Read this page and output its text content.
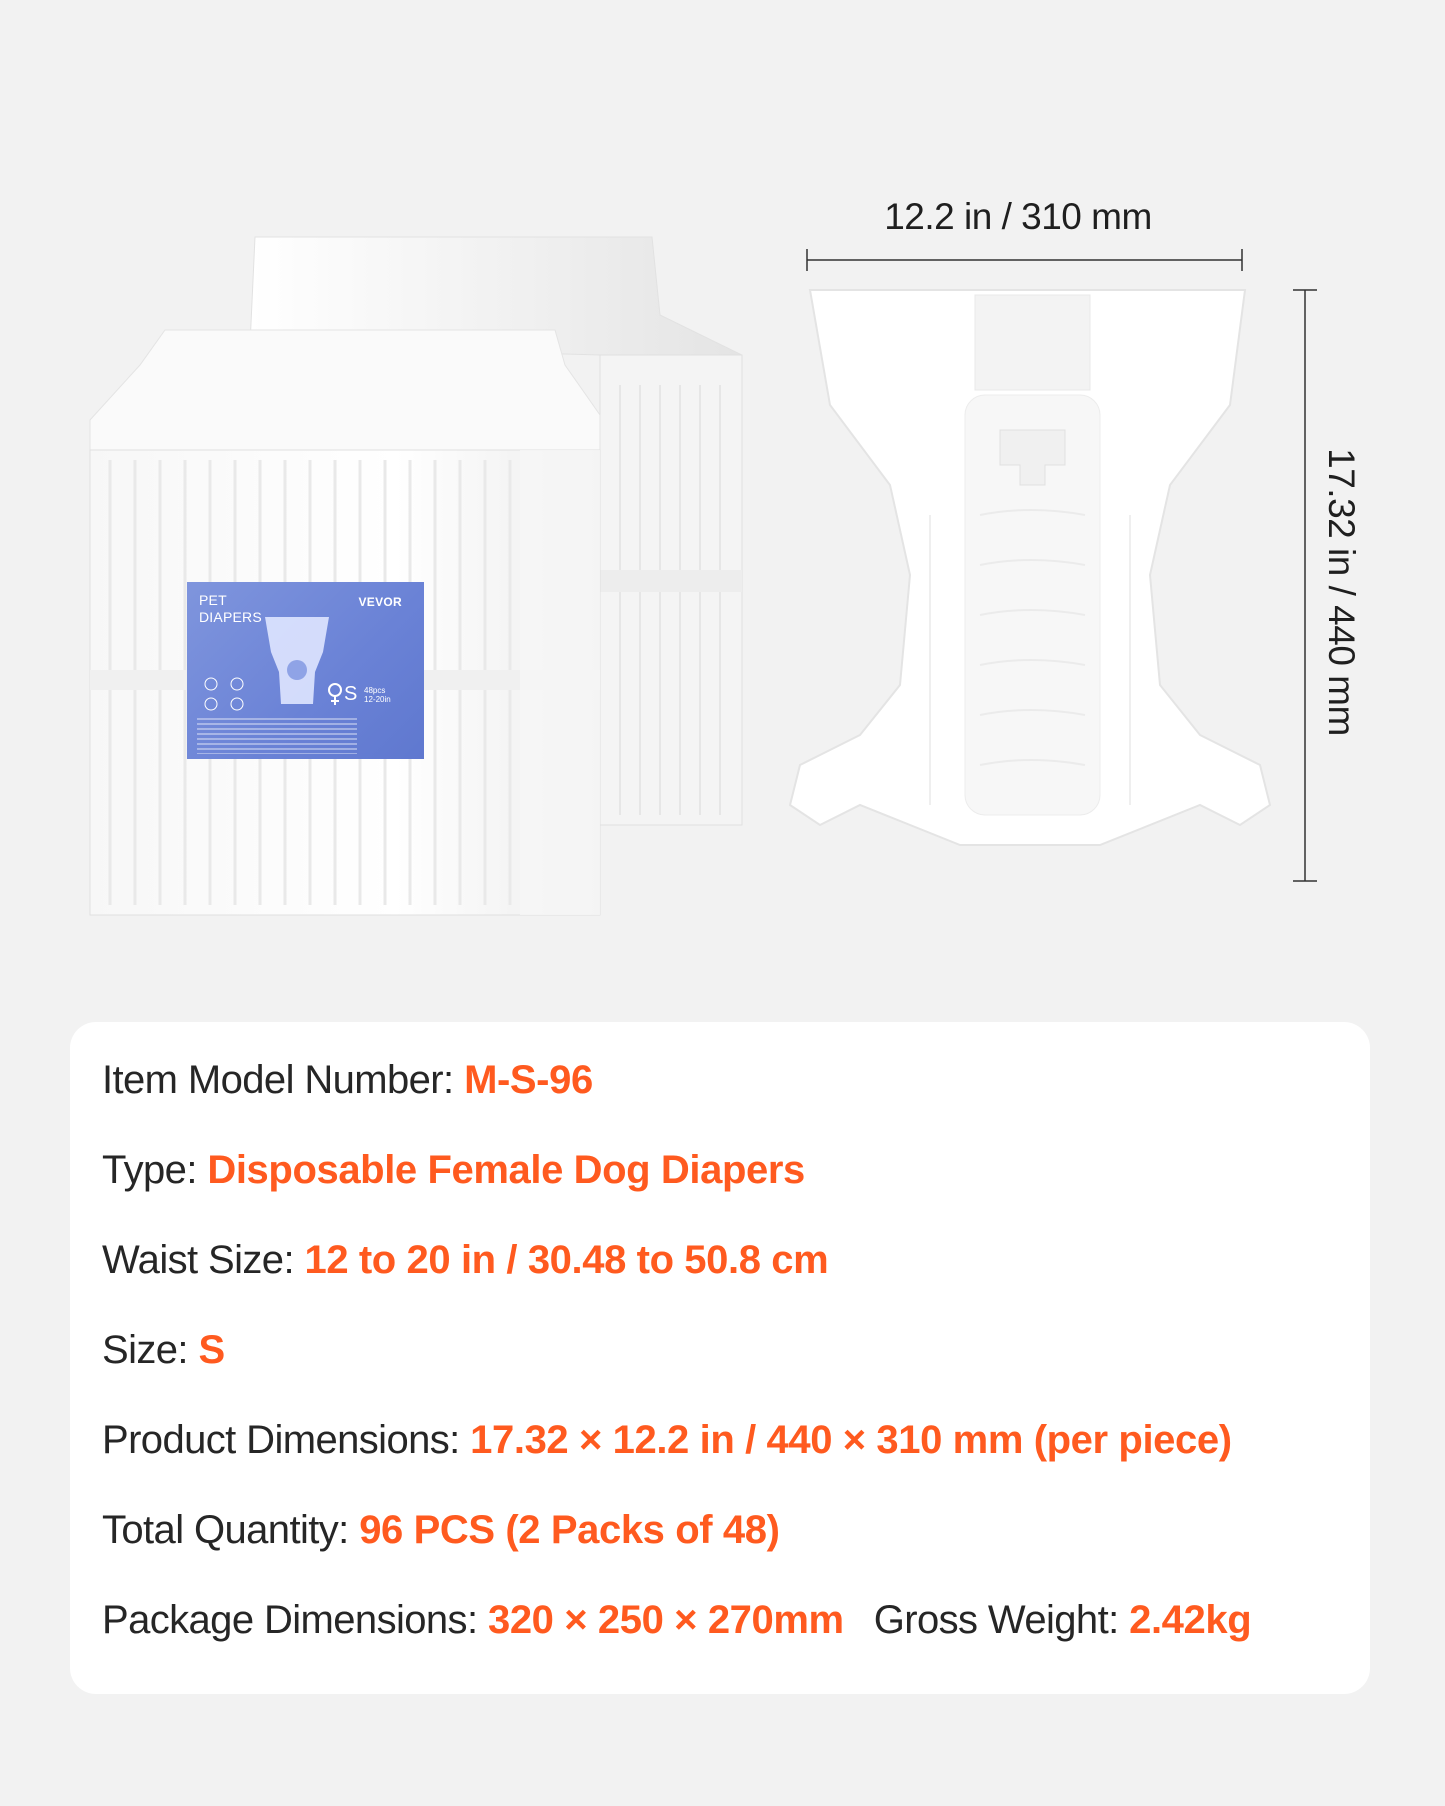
PET
DIAPERS
VEVOR
S 48pcs
12-20in
12.2 in / 310 mm
17.32 in / 440 mm
Item Model Number: M-S-96
Type: Disposable Female Dog Diapers
Waist Size: 12 to 20 in / 30.48 to 50.8 cm
Size: S
Product Dimensions: 17.32 × 12.2 in / 440 × 310 mm (per piece)
Total Quantity: 96 PCS (2 Packs of 48)
Package Dimensions: 320 × 250 × 270mm Gross Weight: 2.42kg
